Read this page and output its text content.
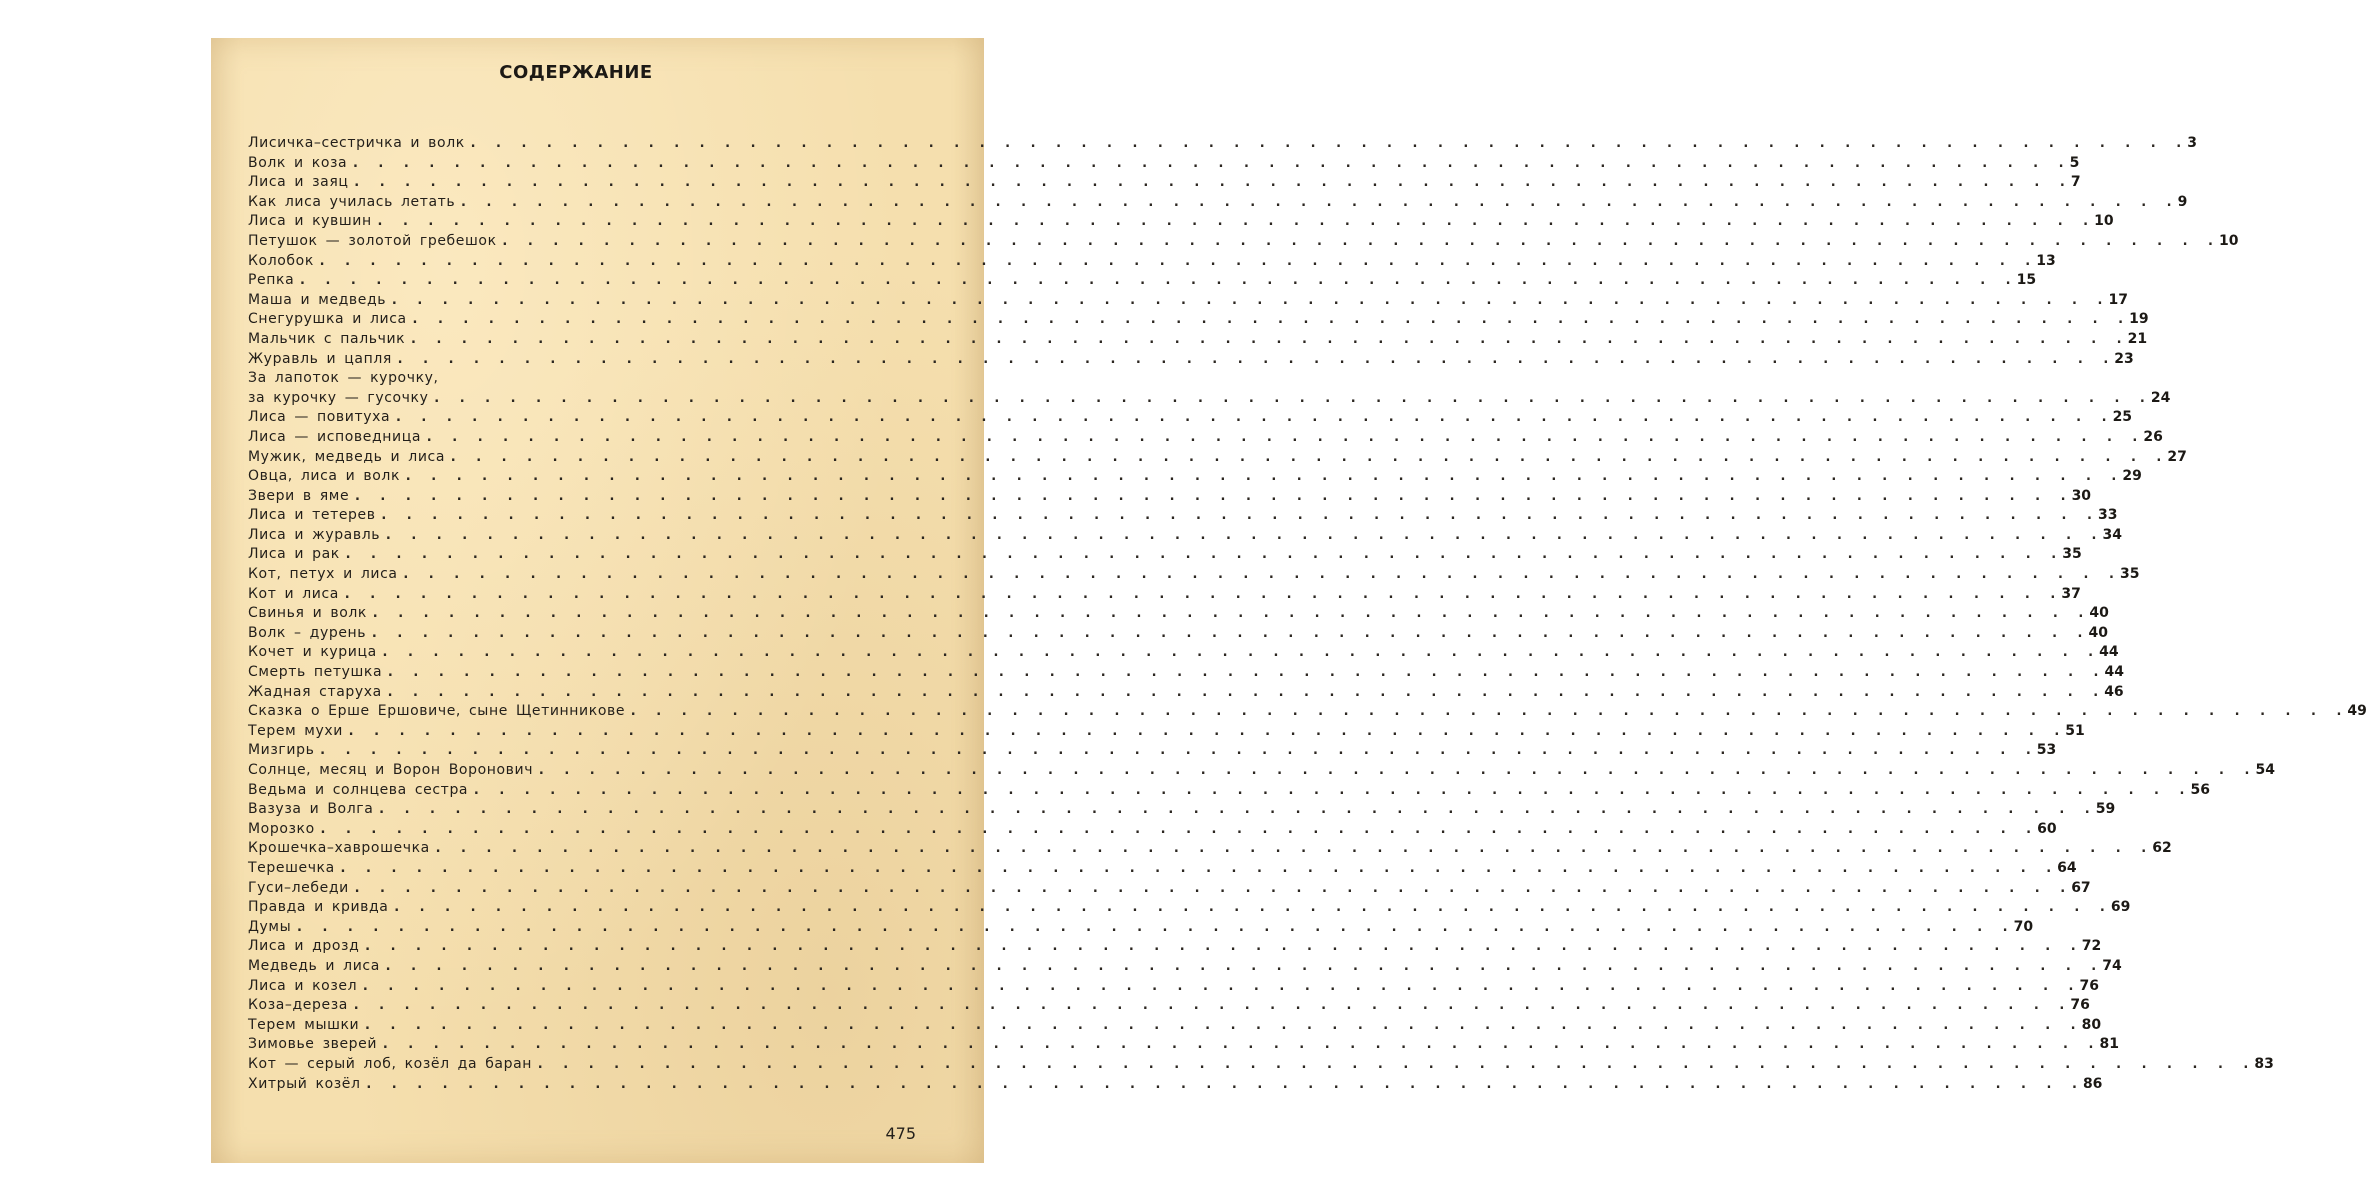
СОДЕРЖАНИЕ
Лисичка–сестричка и волк . . . . . . . . . . . . . . . . . . . . . . . . . . . . . . . . . . . . . . . . . . . . . . . . . . . . . . . . . . . . . . . . . . . . 3
Волк и коза . . . . . . . . . . . . . . . . . . . . . . . . . . . . . . . . . . . . . . . . . . . . . . . . . . . . . . . . . . . . . . . . . . . . 5
Лиса и заяц . . . . . . . . . . . . . . . . . . . . . . . . . . . . . . . . . . . . . . . . . . . . . . . . . . . . . . . . . . . . . . . . . . . . 7
Как лиса училась летать . . . . . . . . . . . . . . . . . . . . . . . . . . . . . . . . . . . . . . . . . . . . . . . . . . . . . . . . . . . . . . . . . . . . 9
Лиса и кувшин . . . . . . . . . . . . . . . . . . . . . . . . . . . . . . . . . . . . . . . . . . . . . . . . . . . . . . . . . . . . . . . . . . . . 10
Петушок — золотой гребешок . . . . . . . . . . . . . . . . . . . . . . . . . . . . . . . . . . . . . . . . . . . . . . . . . . . . . . . . . . . . . . . . . . . . 10
Колобок . . . . . . . . . . . . . . . . . . . . . . . . . . . . . . . . . . . . . . . . . . . . . . . . . . . . . . . . . . . . . . . . . . . . 13
Репка . . . . . . . . . . . . . . . . . . . . . . . . . . . . . . . . . . . . . . . . . . . . . . . . . . . . . . . . . . . . . . . . . . . . 15
Маша и медведь . . . . . . . . . . . . . . . . . . . . . . . . . . . . . . . . . . . . . . . . . . . . . . . . . . . . . . . . . . . . . . . . . . . . 17
Снегурушка и лиса . . . . . . . . . . . . . . . . . . . . . . . . . . . . . . . . . . . . . . . . . . . . . . . . . . . . . . . . . . . . . . . . . . . . 19
Мальчик с пальчик . . . . . . . . . . . . . . . . . . . . . . . . . . . . . . . . . . . . . . . . . . . . . . . . . . . . . . . . . . . . . . . . . . . . 21
Журавль и цапля . . . . . . . . . . . . . . . . . . . . . . . . . . . . . . . . . . . . . . . . . . . . . . . . . . . . . . . . . . . . . . . . . . . . 23
За лапоток — курочку,
за курочку — гусочку . . . . . . . . . . . . . . . . . . . . . . . . . . . . . . . . . . . . . . . . . . . . . . . . . . . . . . . . . . . . . . . . . . . . 24
Лиса — повитуха . . . . . . . . . . . . . . . . . . . . . . . . . . . . . . . . . . . . . . . . . . . . . . . . . . . . . . . . . . . . . . . . . . . . 25
Лиса — исповедница . . . . . . . . . . . . . . . . . . . . . . . . . . . . . . . . . . . . . . . . . . . . . . . . . . . . . . . . . . . . . . . . . . . . 26
Мужик, медведь и лиса . . . . . . . . . . . . . . . . . . . . . . . . . . . . . . . . . . . . . . . . . . . . . . . . . . . . . . . . . . . . . . . . . . . . 27
Овца, лиса и волк . . . . . . . . . . . . . . . . . . . . . . . . . . . . . . . . . . . . . . . . . . . . . . . . . . . . . . . . . . . . . . . . . . . . 29
Звери в яме . . . . . . . . . . . . . . . . . . . . . . . . . . . . . . . . . . . . . . . . . . . . . . . . . . . . . . . . . . . . . . . . . . . . 30
Лиса и тетерев . . . . . . . . . . . . . . . . . . . . . . . . . . . . . . . . . . . . . . . . . . . . . . . . . . . . . . . . . . . . . . . . . . . . 33
Лиса и журавль . . . . . . . . . . . . . . . . . . . . . . . . . . . . . . . . . . . . . . . . . . . . . . . . . . . . . . . . . . . . . . . . . . . . 34
Лиса и рак . . . . . . . . . . . . . . . . . . . . . . . . . . . . . . . . . . . . . . . . . . . . . . . . . . . . . . . . . . . . . . . . . . . . 35
Кот, петух и лиса . . . . . . . . . . . . . . . . . . . . . . . . . . . . . . . . . . . . . . . . . . . . . . . . . . . . . . . . . . . . . . . . . . . . 35
Кот и лиса . . . . . . . . . . . . . . . . . . . . . . . . . . . . . . . . . . . . . . . . . . . . . . . . . . . . . . . . . . . . . . . . . . . . 37
Свинья и волк . . . . . . . . . . . . . . . . . . . . . . . . . . . . . . . . . . . . . . . . . . . . . . . . . . . . . . . . . . . . . . . . . . . . 40
Волк – дурень . . . . . . . . . . . . . . . . . . . . . . . . . . . . . . . . . . . . . . . . . . . . . . . . . . . . . . . . . . . . . . . . . . . . 40
Кочет и курица . . . . . . . . . . . . . . . . . . . . . . . . . . . . . . . . . . . . . . . . . . . . . . . . . . . . . . . . . . . . . . . . . . . . 44
Смерть петушка . . . . . . . . . . . . . . . . . . . . . . . . . . . . . . . . . . . . . . . . . . . . . . . . . . . . . . . . . . . . . . . . . . . . 44
Жадная старуха . . . . . . . . . . . . . . . . . . . . . . . . . . . . . . . . . . . . . . . . . . . . . . . . . . . . . . . . . . . . . . . . . . . . 46
Сказка о Ерше Ершовиче, сыне Щетинникове . . . . . . . . . . . . . . . . . . . . . . . . . . . . . . . . . . . . . . . . . . . . . . . . . . . . . . . . . . . . . . . . . . . . 49
Терем мухи . . . . . . . . . . . . . . . . . . . . . . . . . . . . . . . . . . . . . . . . . . . . . . . . . . . . . . . . . . . . . . . . . . . . 51
Мизгирь . . . . . . . . . . . . . . . . . . . . . . . . . . . . . . . . . . . . . . . . . . . . . . . . . . . . . . . . . . . . . . . . . . . . 53
Солнце, месяц и Ворон Воронович . . . . . . . . . . . . . . . . . . . . . . . . . . . . . . . . . . . . . . . . . . . . . . . . . . . . . . . . . . . . . . . . . . . . 54
Ведьма и солнцева сестра . . . . . . . . . . . . . . . . . . . . . . . . . . . . . . . . . . . . . . . . . . . . . . . . . . . . . . . . . . . . . . . . . . . . 56
Вазуза и Волга . . . . . . . . . . . . . . . . . . . . . . . . . . . . . . . . . . . . . . . . . . . . . . . . . . . . . . . . . . . . . . . . . . . . 59
Морозко . . . . . . . . . . . . . . . . . . . . . . . . . . . . . . . . . . . . . . . . . . . . . . . . . . . . . . . . . . . . . . . . . . . . 60
Крошечка–хаврошечка . . . . . . . . . . . . . . . . . . . . . . . . . . . . . . . . . . . . . . . . . . . . . . . . . . . . . . . . . . . . . . . . . . . . 62
Терешечка . . . . . . . . . . . . . . . . . . . . . . . . . . . . . . . . . . . . . . . . . . . . . . . . . . . . . . . . . . . . . . . . . . . . 64
Гуси–лебеди . . . . . . . . . . . . . . . . . . . . . . . . . . . . . . . . . . . . . . . . . . . . . . . . . . . . . . . . . . . . . . . . . . . . 67
Правда и кривда . . . . . . . . . . . . . . . . . . . . . . . . . . . . . . . . . . . . . . . . . . . . . . . . . . . . . . . . . . . . . . . . . . . . 69
Думы . . . . . . . . . . . . . . . . . . . . . . . . . . . . . . . . . . . . . . . . . . . . . . . . . . . . . . . . . . . . . . . . . . . . 70
Лиса и дрозд . . . . . . . . . . . . . . . . . . . . . . . . . . . . . . . . . . . . . . . . . . . . . . . . . . . . . . . . . . . . . . . . . . . . 72
Медведь и лиса . . . . . . . . . . . . . . . . . . . . . . . . . . . . . . . . . . . . . . . . . . . . . . . . . . . . . . . . . . . . . . . . . . . . 74
Лиса и козел . . . . . . . . . . . . . . . . . . . . . . . . . . . . . . . . . . . . . . . . . . . . . . . . . . . . . . . . . . . . . . . . . . . . 76
Коза–дереза . . . . . . . . . . . . . . . . . . . . . . . . . . . . . . . . . . . . . . . . . . . . . . . . . . . . . . . . . . . . . . . . . . . . 76
Терем мышки . . . . . . . . . . . . . . . . . . . . . . . . . . . . . . . . . . . . . . . . . . . . . . . . . . . . . . . . . . . . . . . . . . . . 80
Зимовье зверей . . . . . . . . . . . . . . . . . . . . . . . . . . . . . . . . . . . . . . . . . . . . . . . . . . . . . . . . . . . . . . . . . . . . 81
Кот — серый лоб, козёл да баран . . . . . . . . . . . . . . . . . . . . . . . . . . . . . . . . . . . . . . . . . . . . . . . . . . . . . . . . . . . . . . . . . . . . 83
Хитрый козёл . . . . . . . . . . . . . . . . . . . . . . . . . . . . . . . . . . . . . . . . . . . . . . . . . . . . . . . . . . . . . . . . . . . . 86
475
